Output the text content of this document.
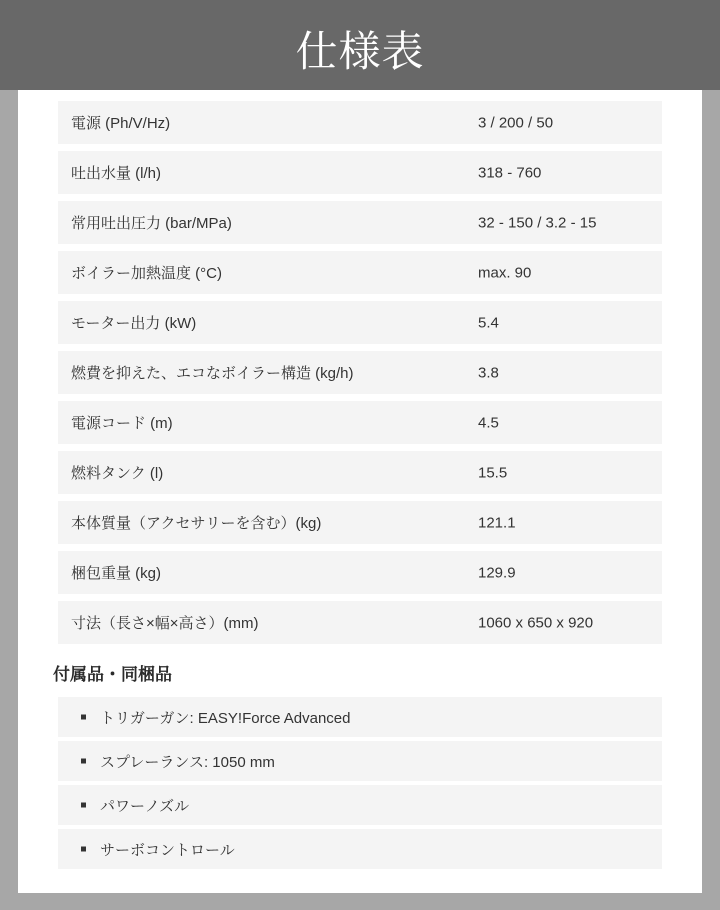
仕様表
電源 (Ph/V/Hz)	3 / 200 / 50
吐出水量 (l/h)	318 - 760
常用吐出圧力 (bar/MPa)	32 - 150 / 3.2 - 15
ボイラー加熱温度 (°C)	max. 90
モーター出力 (kW)	5.4
燃費を抑えた、エコなボイラー構造 (kg/h)	3.8
電源コード (m)	4.5
燃料タンク (l)	15.5
本体質量（アクセサリーを含む）(kg)	121.1
梱包重量 (kg)	129.9
寸法（長さ×幅×高さ）(mm)	1060 x 650 x 920
付属品・同梱品
トリガーガン: EASY!Force Advanced
スプレーランス: 1050 mm
パワーノズル
サーボコントロール
